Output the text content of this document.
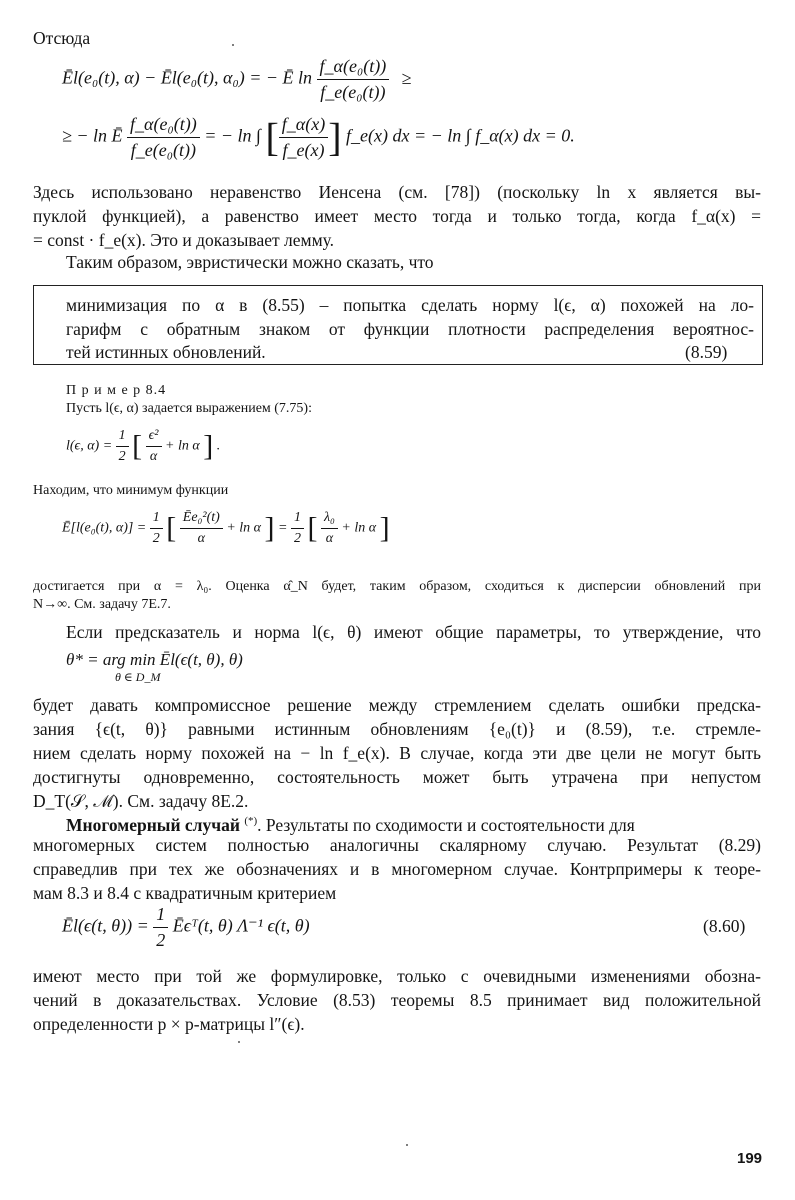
Отсюда
Ēl(e₀(t), α) − Ēl(e₀(t), α₀) = − Ē $\ln \frac{\text{f\_α(e₀(t))}}{\text{f\_e(e₀(t))}}$ ≥
≥ − ln Ē $\frac{\text{f\_α(e₀(t))}}{\text{f\_e(e₀(t))}}$ = − ln ∫ [ $\frac{f\_\alpha(x)}{f\_e(x)}$ ] f_e(x) dx = − ln ∫ f_α(x) dx = 0.
Здесь использовано неравенство Иенсена (см. [78]) (поскольку ln x является вы-
пуклой функцией), а равенство имеет место тогда и только тогда, когда f_α(x) =
= const · f_e(x). Это и доказывает лемму.
Таким образом, эвристически можно сказать, что
минимизация по α в (8.55) – попытка сделать норму l(ϵ, α) похожей на ло-
гарифм с обратным знаком от функции плотности распределения вероятнос-
тей истинных обновлений.	(8.59)
П р и м е р 8.4
Пусть l(ϵ, α) задается выражением (7.75):
l(ϵ, $\alpha) = \frac{1}{2}$ [ $\frac{\text{ϵ²}}{\alpha} + \ln \alpha$ ] .
Находим, что минимум функции
Ē[l(e₀(t), $\alpha)] = \frac{1}{2}$ [ $\frac{\text{Ēe₀²(t)}}{\alpha} + \ln \alpha$ ] = $\frac{1}{2}$ [ $\frac{\text{λ₀}}{\alpha} + \ln \alpha$ ]
достигается при α = λ₀. Оценка α̂_N будет, таким образом, сходиться к дисперсии обновлений при
N→∞. См. задачу 7E.7.
Если предсказатель и норма l(ϵ, θ) имеют общие параметры, то утверждение, что
θ* = arg min Ēl(ϵ(t, θ), θ)
θ ∈ D_M
будет давать компромиссное решение между стремлением сделать ошибки предска-
зания {ϵ(t, θ)} равными истинным обновлениям {e₀(t)} и (8.59), т.е. стремле-
нием сделать норму похожей на − ln f_e(x). В случае, когда эти две цели не могут быть
достигнуты одновременно, состоятельность может быть утрачена при непустом
D_T(𝒮, ℳ). См. задачу 8E.2.
Многомерный случай (*). Результаты по сходимости и состоятельности для
многомерных систем полностью аналогичны скалярному случаю. Результат (8.29)
справедлив при тех же обозначениях и в многомерном случае. Контрпримеры к теоре-
мам 8.3 и 8.4 с квадратичным критерием
Ēl(ϵ(t, $\theta)) = \frac{1}{2}$ Ēϵᵀ(t, θ) Λ⁻¹ ϵ(t, θ)	(8.60)
имеют место при той же формулировке, только с очевидными изменениями обозна-
чений в доказательствах. Условие (8.53) теоремы 8.5 принимает вид положительной
определенности p × p-матрицы l″(ϵ).
199
